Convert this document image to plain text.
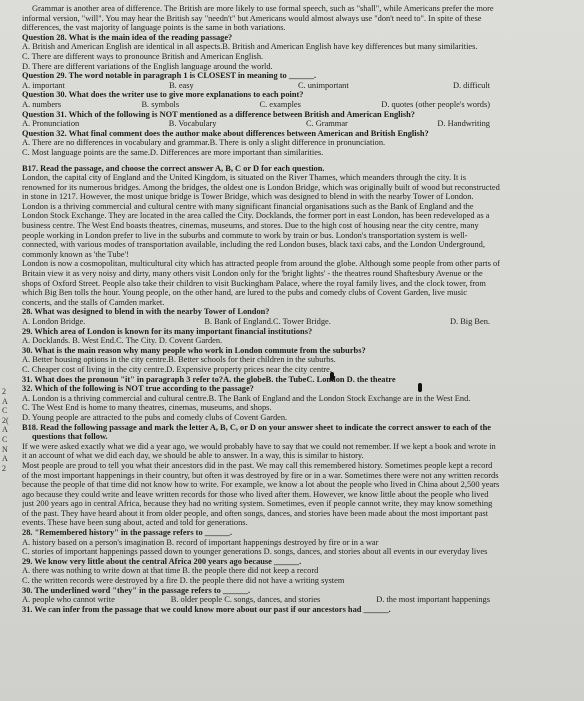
2
A
C
2(
A
C
N
A
2
Grammar is another area of difference. The British are more likely to use formal speech, such as "shall", while Americans prefer the more
informal version, "will". You may hear the British say "needn't" but Americans would almost always use "don't need to". In spite of these
differences, the vast majority of language points is the same in both variations.
Question 28. What is the main idea of the reading passage?
A. British and American English are identical in all aspects.B. British and American English have key differences but many similarities.
C. There are different ways to pronounce British and American English.
D. There are different variations of the English language around the world.
Question 29. The word notable in paragraph 1 is CLOSEST in meaning to ______.
A. important	B. easy	C. unimportant	D. difficult
Question 30. What does the writer use to give more explanations to each point?
A. numbers	B. symbols	C. examples	D. quotes (other people's words)
Question 31. Which of the following is NOT mentioned as a difference between British and American English?
A. Pronunciation	B. Vocabulary	C. Grammar	D. Handwriting
Question 32. What final comment does the author make about differences between American and British English?
A. There are no differences in vocabulary and grammar.B. There is only a slight difference in pronunciation.
C. Most language points are the same.D. Differences are more important than similarities.
B17. Read the passage, and choose the correct answer A, B, C or D for each question.
London, the capital city of England and the United Kingdom, is situated on the River Thames, which meanders through the city. It is
renowned for its numerous bridges. Among the bridges, the oldest one is London Bridge, which was originally built of wood but reconstructed
in stone in 1217. However, the most unique bridge is Tower Bridge, which was designed to blend in with the nearby Tower of London.
London is a thriving commercial and cultural centre with many significant financial organisations such as the Bank of England and the
London Stock Exchange. They are located in the area called the City. Docklands, the former port in east London, has been redeveloped as a
business centre. The West End boasts theatres, cinemas, museums, and stores. Due to the high cost of housing near the city centre, many
people working in London prefer to live in the suburbs and commute to work by train or bus. London's transportation system is well-
connected, with various modes of transportation available, including the red London buses, black taxi cabs, and the London Underground,
commonly known as 'the Tube'!
London is now a cosmopolitan, multicultural city which has attracted people from around the globe. Although some people from other parts of
Britain view it as very noisy and dirty, many others visit London only for the 'bright lights' - the theatres round Shaftesbury Avenue or the
shops of Oxford Street. People also take their children to visit Buckingham Palace, where the royal family lives, and the clock tower, from
which Big Ben tolls the hour. Young people, on the other hand, are lured to the pubs and comedy clubs of Covent Garden, live music
concerts, and the stalls of Camden market.
28. What was designed to blend in with the nearby Tower of London?
A. London Bridge.	B. Bank of England.C. Tower Bridge.	D. Big Ben.
29. Which area of London is known for its many important financial institutions?
A. Docklands. B. West End.C. The City. D. Covent Garden.
30. What is the main reason why many people who work in London commute from the suburbs?
A. Better housing options in the city centre.B. Better schools for their children in the suburbs.
C. Cheaper cost of living in the city centre.D. Expensive property prices near the city centre.
31. What does the pronoun "it" in paragraph 3 refer to?A. the globeB. the TubeC. London D. the theatre
32. Which of the following is NOT true according to the passage?
A. London is a thriving commercial and cultural centre.B. The Bank of England and the London Stock Exchange are in the West End.
C. The West End is home to many theatres, cinemas, museums, and shops.
D. Young people are attracted to the pubs and comedy clubs of Covent Garden.
B18. Read the following passage and mark the letter A, B, C, or D on your answer sheet to indicate the correct answer to each of the
questions that follow.
If we were asked exactly what we did a year ago, we would probably have to say that we could not remember. If we kept a book and wrote in
it an account of what we did each day, we should be able to answer. In a way, this is similar to history.
Most people are proud to tell you what their ancestors did in the past. We may call this remembered history. Sometimes people kept a record
of the most important happenings in their country, but often it was destroyed by fire or in a war. Sometimes there were not any written records
because the people of that time did not know how to write. For example, we know a lot about the people who lived in China about 2,500 years
ago because they could write and leave written records for those who lived after them. However, we know little about the people who lived
just 200 years ago in central Africa, because they had no writing system. Sometimes, even if people cannot write, they may know something
of the past. They have heard about it from older people, and often songs, dances, and stories have been made about the most important past
events. These have been sung about, acted and told for generations.
28. "Remembered history" in the passage refers to ______.
A. history based on a person's imagination B. record of important happenings destroyed by fire or in a war
C. stories of important happenings passed down to younger generations D. songs, dances, and stories about all events in our everyday lives
29. We know very little about the central Africa 200 years ago because ______.
A. there was nothing to write down at that time B. the people there did not keep a record
C. the written records were destroyed by a fire D. the people there did not have a writing system
30. The underlined word "they" in the passage refers to ______.
A. people who cannot write	B. older people C. songs, dances, and stories	D. the most important happenings
31. We can infer from the passage that we could know more about our past if our ancestors had ______.
